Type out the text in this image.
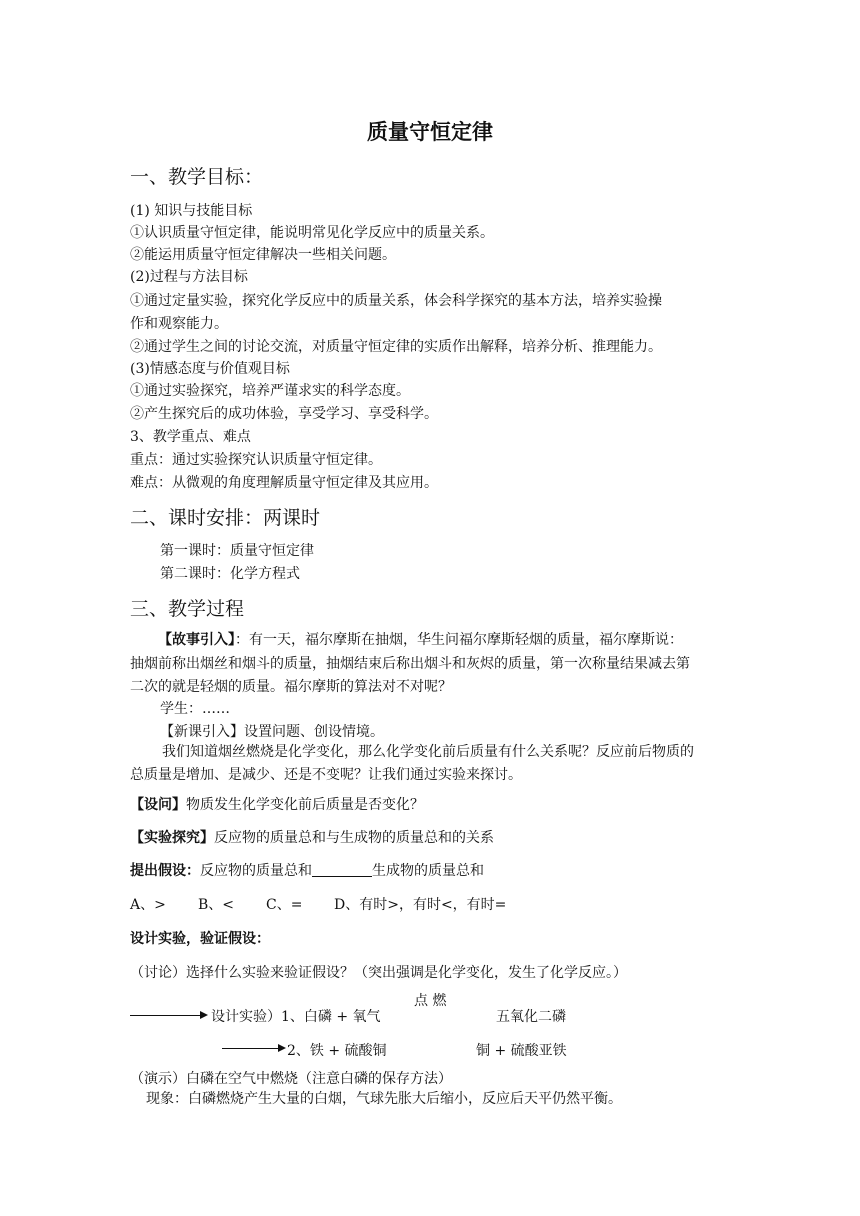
质量守恒定律
一、教学目标：
(1) 知识与技能目标
①认识质量守恒定律，能说明常见化学反应中的质量关系。
②能运用质量守恒定律解决一些相关问题。
(2)过程与方法目标
①通过定量实验，探究化学反应中的质量关系，体会科学探究的基本方法，培养实验操
作和观察能力。
②通过学生之间的讨论交流，对质量守恒定律的实质作出解释，培养分析、推理能力。
(3)情感态度与价值观目标
①通过实验探究，培养严谨求实的科学态度。
②产生探究后的成功体验，享受学习、享受科学。
3、教学重点、难点
重点：通过实验探究认识质量守恒定律。
难点：从微观的角度理解质量守恒定律及其应用。
二、课时安排：两课时
第一课时：质量守恒定律
第二课时：化学方程式
三、教学过程
【故事引入】：有一天，福尔摩斯在抽烟，华生问福尔摩斯轻烟的质量，福尔摩斯说：
抽烟前称出烟丝和烟斗的质量，抽烟结束后称出烟斗和灰烬的质量，第一次称量结果减去第
二次的就是轻烟的质量。福尔摩斯的算法对不对呢？
学生：……
【新课引入】设置问题、创设情境。
我们知道烟丝燃烧是化学变化，那么化学变化前后质量有什么关系呢？反应前后物质的
总质量是增加、是减少、还是不变呢？让我们通过实验来探讨。
【设问】物质发生化学变化前后质量是否变化？
【实验探究】反应物的质量总和与生成物的质量总和的关系
提出假设：反应物的质量总和	生成物的质量总和
A、> B、< C、= D、有时>，有时<，有时=
设计实验，验证假设：
（讨论）选择什么实验来验证假设？（突出强调是化学变化，发生了化学反应。）
点 燃
设计实验）1、白磷 + 氧气	五氧化二磷
2、铁 + 硫酸铜	铜 + 硫酸亚铁
（演示）白磷在空气中燃烧（注意白磷的保存方法）
现象：白磷燃烧产生大量的白烟，气球先胀大后缩小，反应后天平仍然平衡。
